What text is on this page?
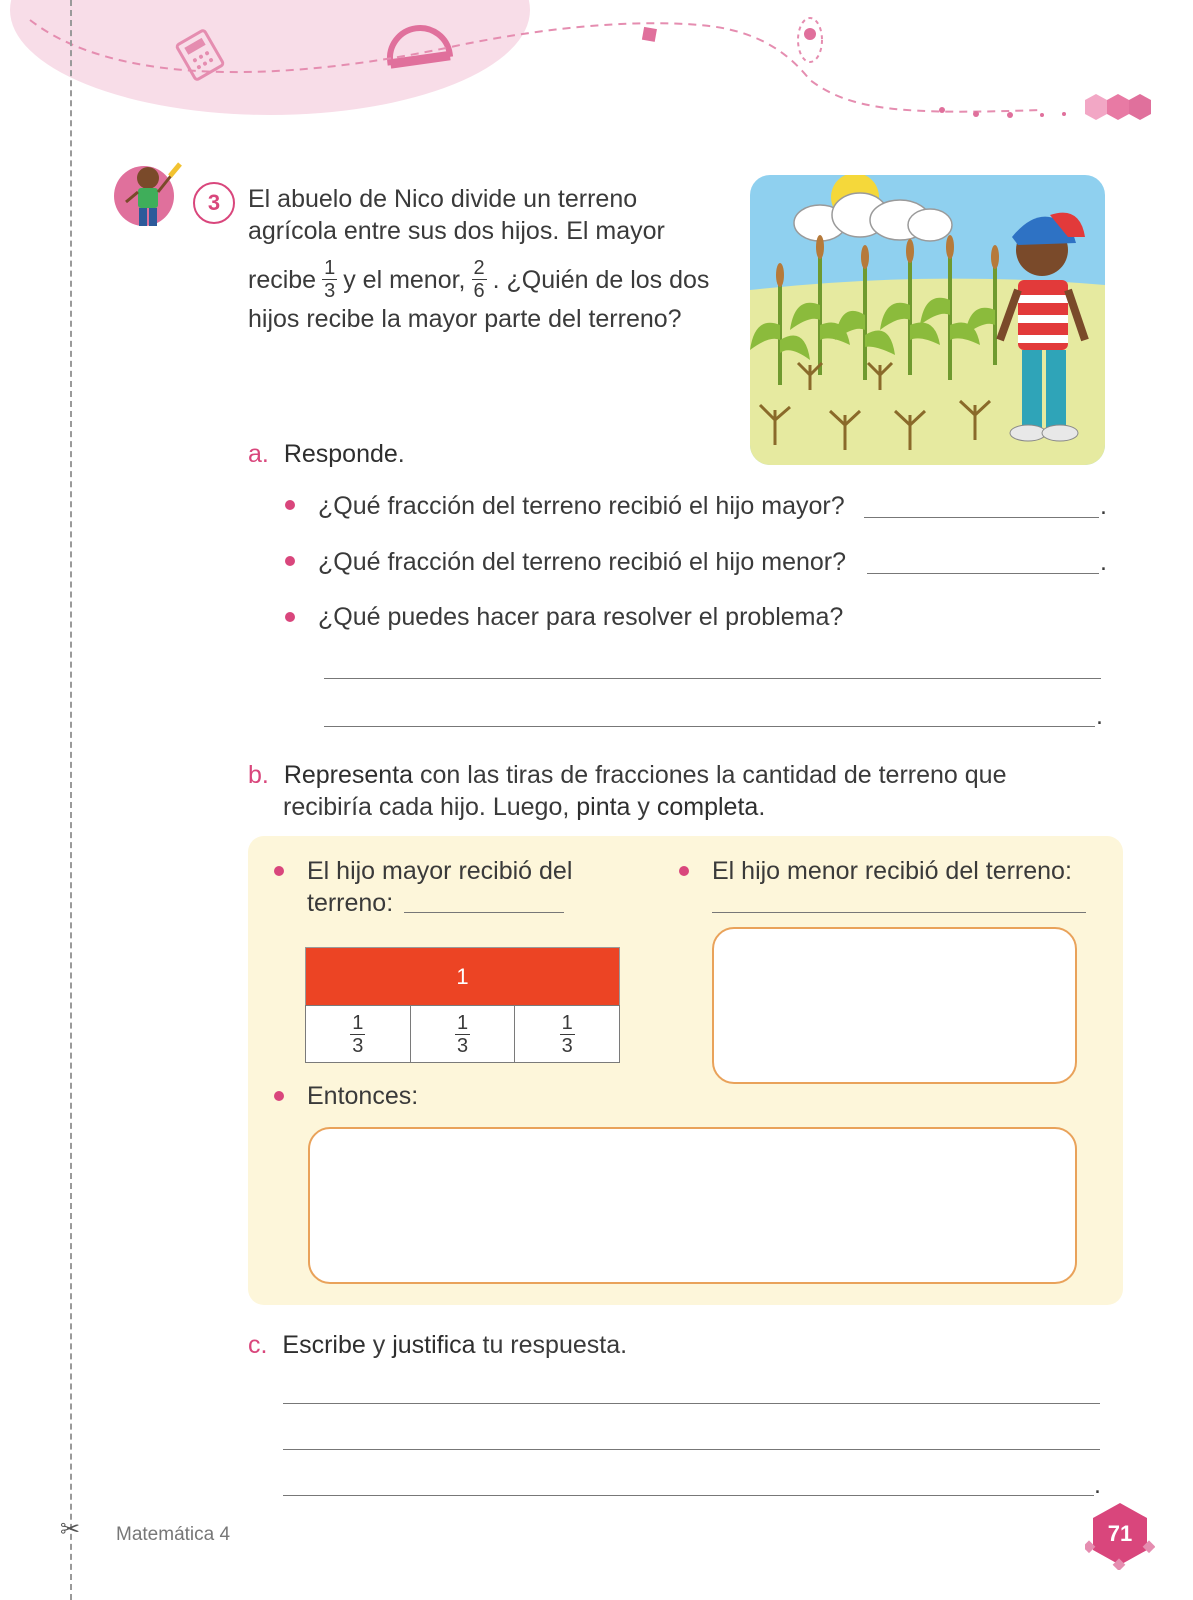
✂
3	El abuelo de Nico divide un terreno
agrícola entre sus dos hijos. El mayor
recibe $\frac{1}{3}$ y el menor, $\frac{2}{6}$ . ¿Quién de los dos
hijos recibe la mayor parte del terreno?
a. Responde.
¿Qué fracción del terreno recibió el hijo mayor?	.
¿Qué fracción del terreno recibió el hijo menor?	.
¿Qué puedes hacer para resolver el problema?
.
b. Representa con las tiras de fracciones la cantidad de terreno que
recibiría cada hijo. Luego, pinta y completa.
El hijo mayor recibió del
terreno:
El hijo menor recibió del terreno:
1
$\frac{1}{3}$	$\frac{1}{3}$	$\frac{1}{3}$
Entonces:
c. Escribe y justifica tu respuesta.
.
Matemática 4	71
